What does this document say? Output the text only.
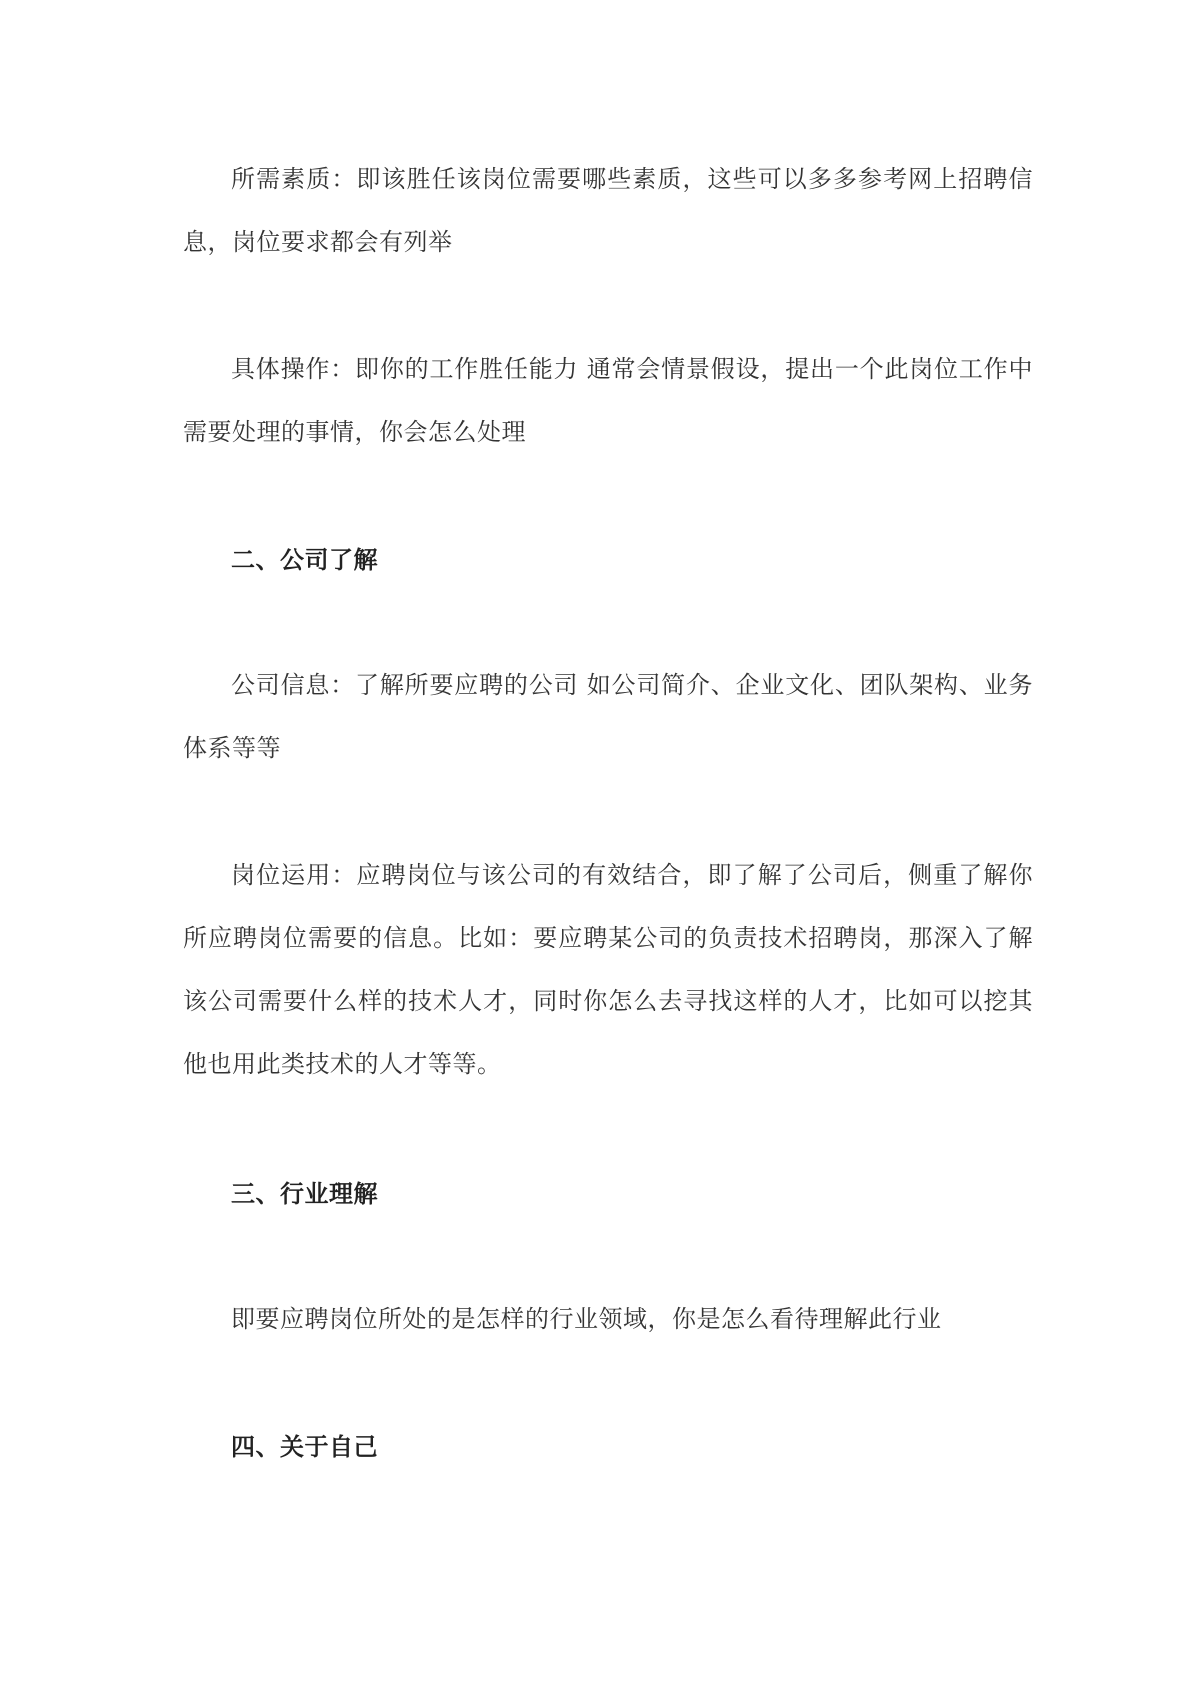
所需素质：即该胜任该岗位需要哪些素质，这些可以多多参考网上招聘信息，岗位要求都会有列举

具体操作：即你的工作胜任能力 通常会情景假设，提出一个此岗位工作中需要处理的事情，你会怎么处理

二、公司了解

公司信息：了解所要应聘的公司 如公司简介、企业文化、团队架构、业务体系等等

岗位运用：应聘岗位与该公司的有效结合，即了解了公司后，侧重了解你所应聘岗位需要的信息。比如：要应聘某公司的负责技术招聘岗，那深入了解该公司需要什么样的技术人才，同时你怎么去寻找这样的人才，比如可以挖其他也用此类技术的人才等等。

三、行业理解

即要应聘岗位所处的是怎样的行业领域，你是怎么看待理解此行业

四、关于自己
